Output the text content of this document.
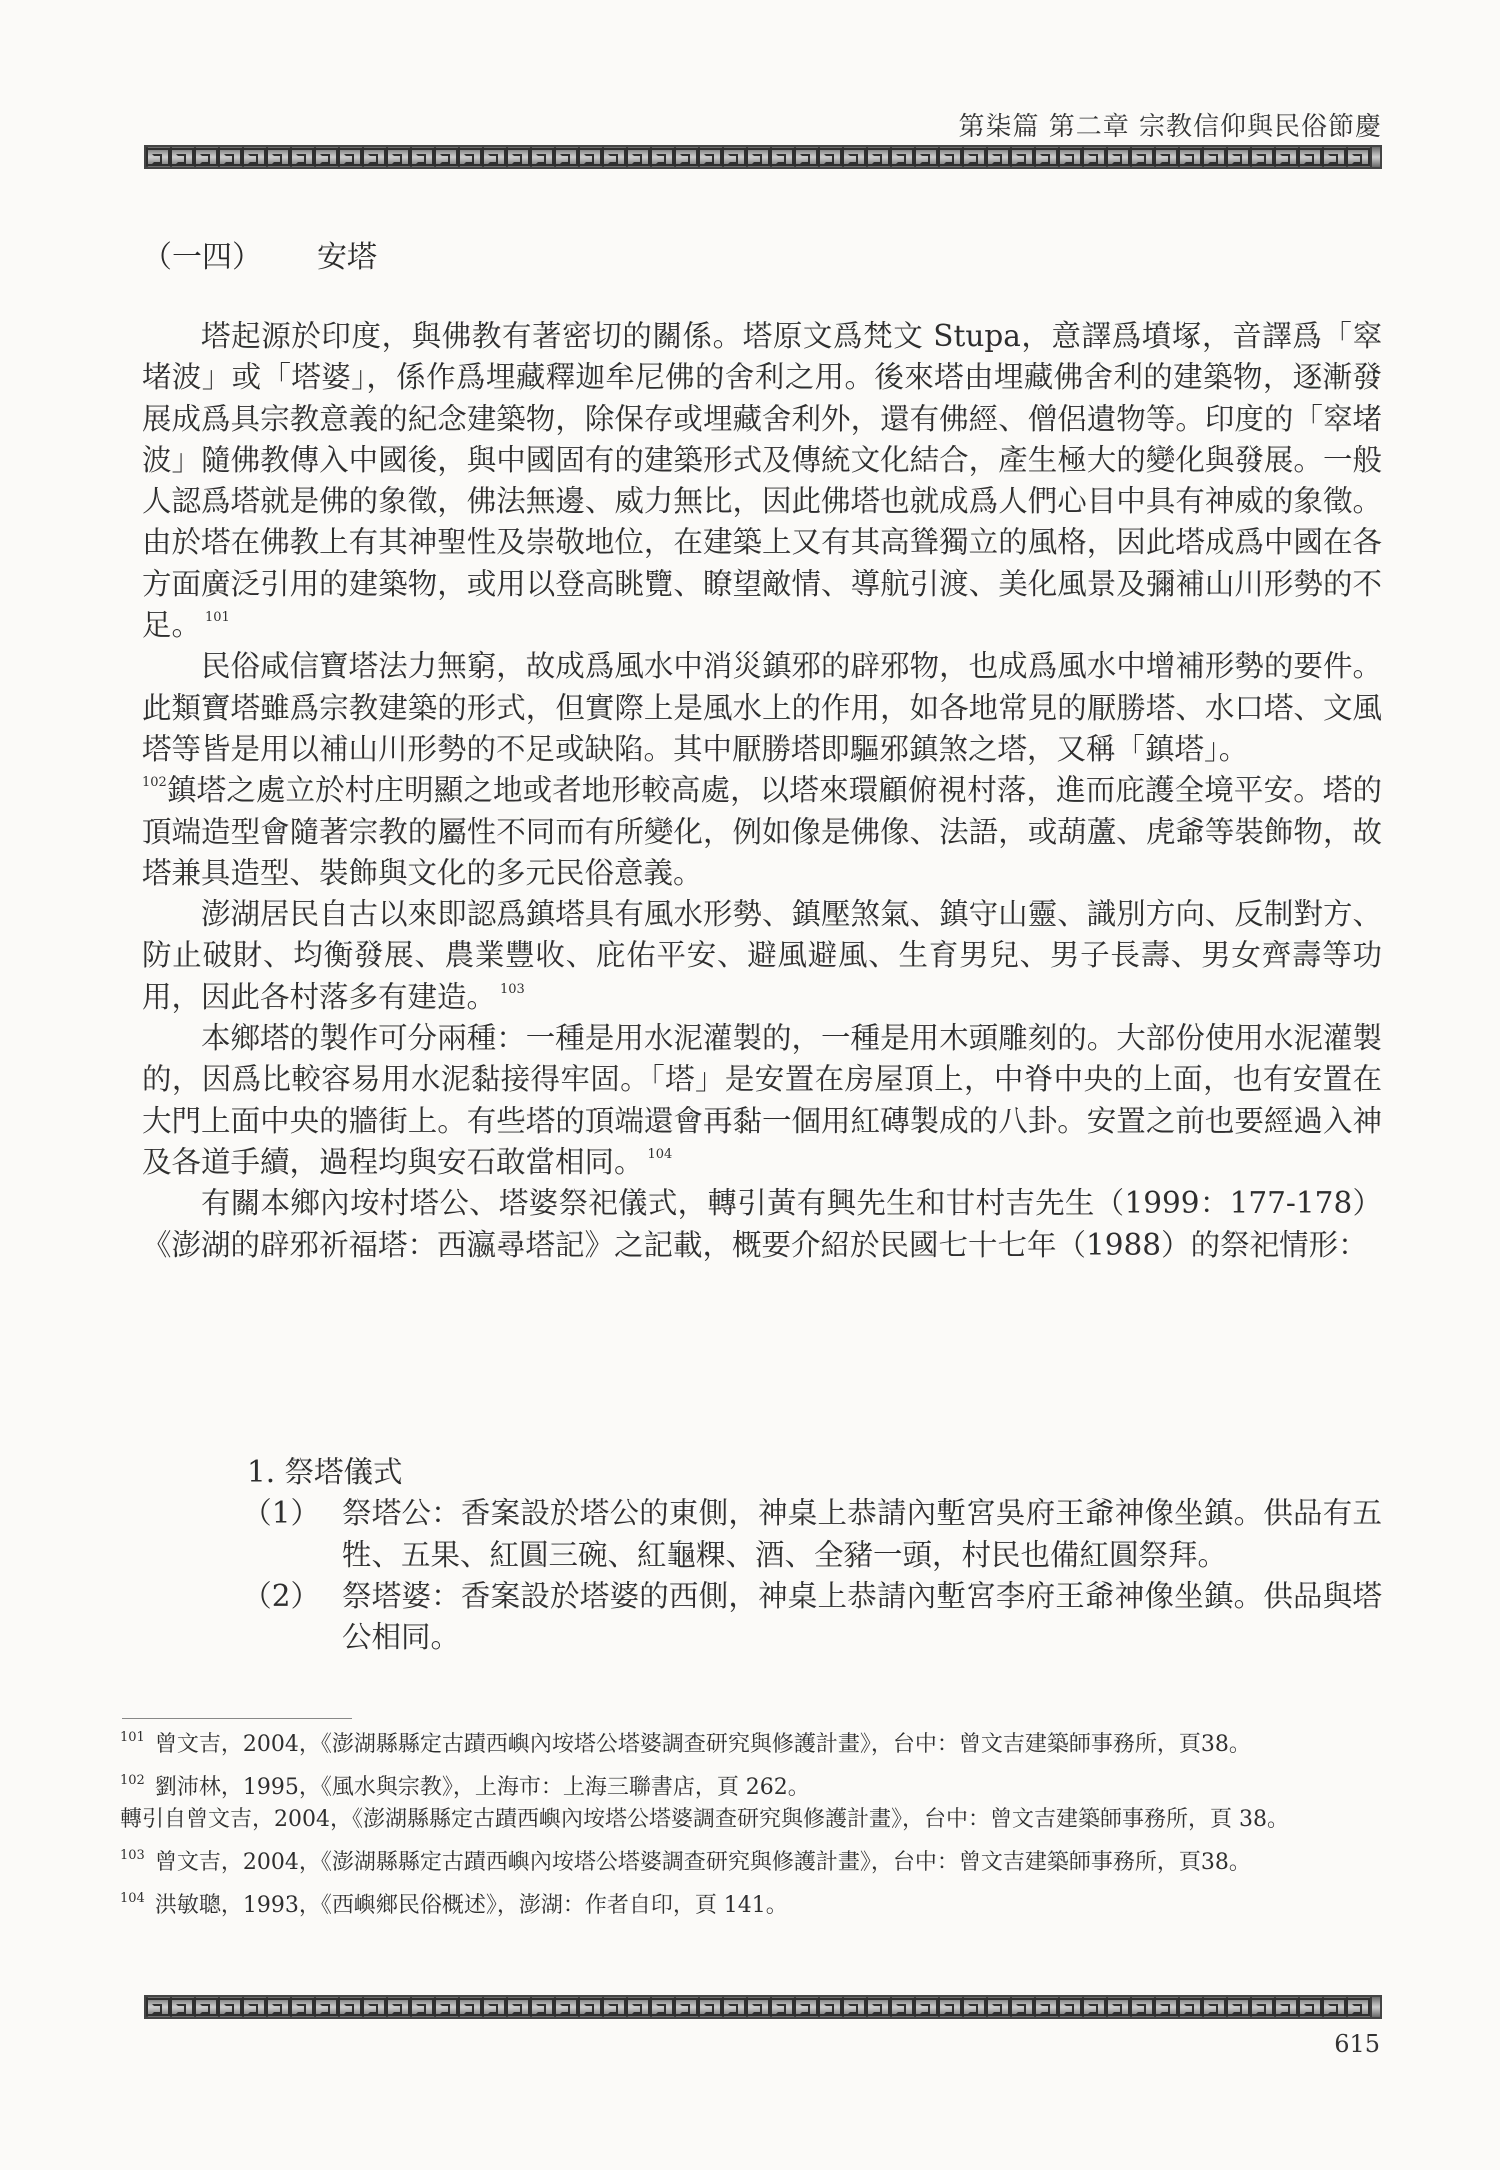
第柒篇 第二章 宗教信仰與民俗節慶
（一四） 安塔

塔起源於印度，與佛教有著密切的關係。塔原文爲梵文 Stupa，意譯爲墳塚，音譯爲「窣堵波」或「塔婆」，係作爲埋藏釋迦牟尼佛的舍利之用。後來塔由埋藏佛舍利的建築物，逐漸發展成爲具宗教意義的紀念建築物，除保存或埋藏舍利外，還有佛經、僧侶遺物等。印度的「窣堵波」隨佛教傳入中國後，與中國固有的建築形式及傳統文化結合，產生極大的變化與發展。一般人認爲塔就是佛的象徵，佛法無邊、威力無比，因此佛塔也就成爲人們心目中具有神威的象徵。由於塔在佛教上有其神聖性及崇敬地位，在建築上又有其高聳獨立的風格，因此塔成爲中國在各方面廣泛引用的建築物，或用以登高眺覽、瞭望敵情、導航引渡、美化風景及彌補山川形勢的不足。 $^{101}$

民俗咸信寶塔法力無窮，故成爲風水中消災鎮邪的辟邪物，也成爲風水中增補形勢的要件。此類寶塔雖爲宗教建築的形式，但實際上是風水上的作用，如各地常見的厭勝塔、水口塔、文風塔等皆是用以補山川形勢的不足或缺陷。其中厭勝塔即驅邪鎮煞之塔，又稱「鎮塔」。

$^{102}$鎮塔之處立於村庄明顯之地或者地形較高處，以塔來環顧俯視村落，進而庇護全境平安。塔的頂端造型會隨著宗教的屬性不同而有所變化，例如像是佛像、法語，或葫蘆、虎爺等裝飾物，故塔兼具造型、裝飾與文化的多元民俗意義。

澎湖居民自古以來即認爲鎮塔具有風水形勢、鎮壓煞氣、鎮守山靈、識別方向、反制對方、防止破財、均衡發展、農業豐收、庇佑平安、避風避風、生育男兒、男子長壽、男女齊壽等功用，因此各村落多有建造。 $^{103}$

本鄉塔的製作可分兩種：一種是用水泥灌製的，一種是用木頭雕刻的。大部份使用水泥灌製的，因爲比較容易用水泥黏接得牢固。「塔」是安置在房屋頂上，中脊中央的上面，也有安置在大門上面中央的牆街上。有些塔的頂端還會再黏一個用紅磚製成的八卦。安置之前也要經過入神及各道手續，過程均與安石敢當相同。 $^{104}$

有關本鄉內垵村塔公、塔婆祭祀儀式，轉引黃有興先生和甘村吉先生（1999：177-178）《澎湖的辟邪祈福塔：西瀛尋塔記》之記載，概要介紹於民國七十七年（1988）的祭祀情形：

1. 祭塔儀式
（1） 祭塔公：香案設於塔公的東側，神桌上恭請內塹宮吳府王爺神像坐鎮。供品有五牲、五果、紅圓三碗、紅龜粿、酒、全豬一頭，村民也備紅圓祭拜。
（2） 祭塔婆：香案設於塔婆的西側，神桌上恭請內塹宮李府王爺神像坐鎮。供品與塔公相同。
$^{101}$ 曾文吉，2004，《澎湖縣縣定古蹟西嶼內垵塔公塔婆調查研究與修護計畫》，台中：曾文吉建築師事務所，頁38。
$^{102}$ 劉沛林，1995，《風水與宗教》，上海市：上海三聯書店，頁 262。
轉引自曾文吉，2004，《澎湖縣縣定古蹟西嶼內垵塔公塔婆調查研究與修護計畫》，台中：曾文吉建築師事務所，頁 38。
$^{103}$ 曾文吉，2004，《澎湖縣縣定古蹟西嶼內垵塔公塔婆調查研究與修護計畫》，台中：曾文吉建築師事務所，頁38。
$^{104}$ 洪敏聰，1993，《西嶼鄉民俗概述》，澎湖：作者自印，頁 141。
615
